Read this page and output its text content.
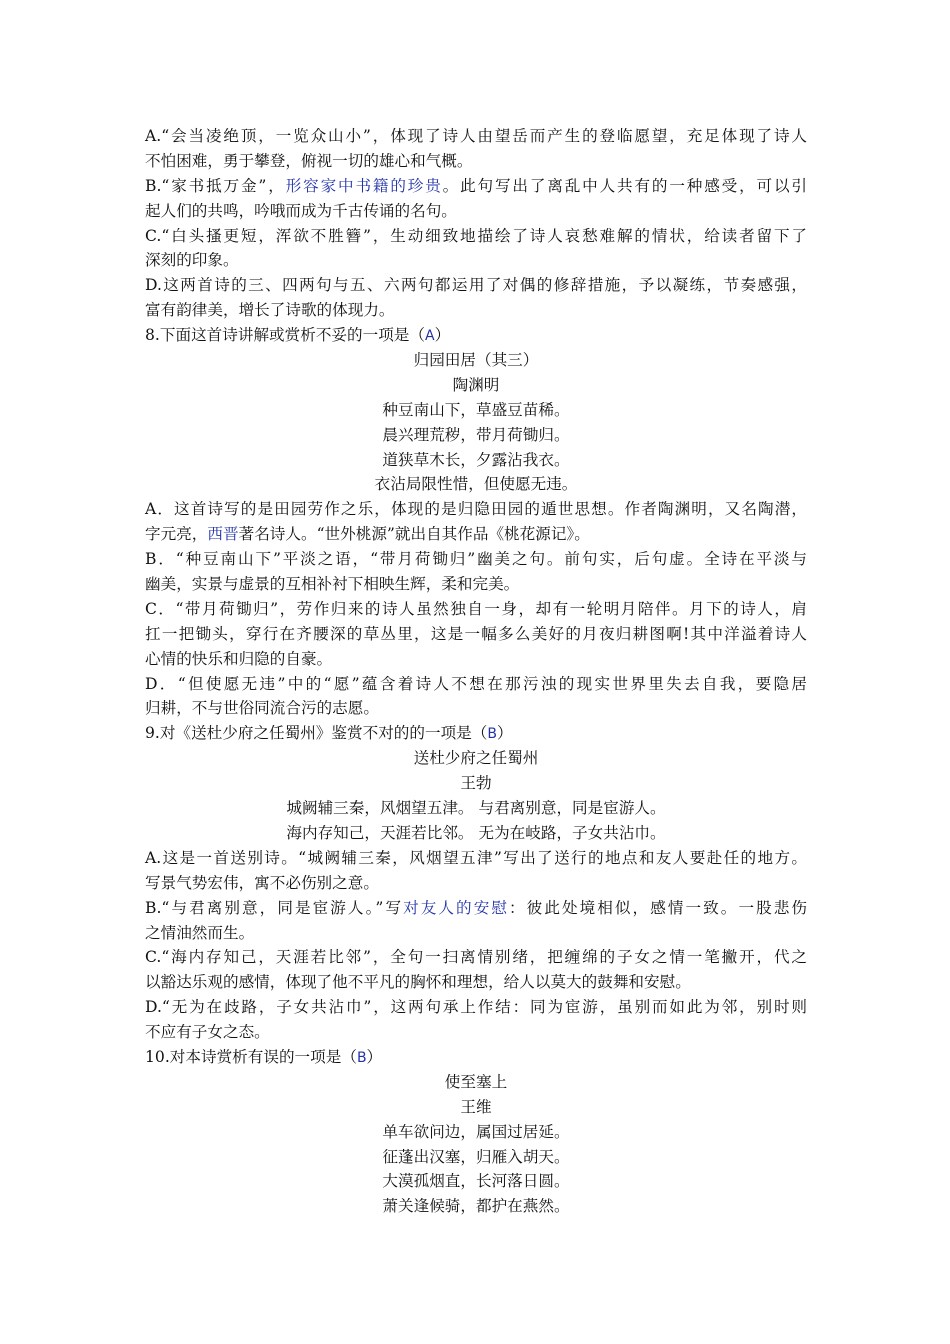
A.“会当凌绝顶，一览众山小”，体现了诗人由望岳而产生的登临愿望，充足体现了诗人
不怕困难，勇于攀登，俯视一切的雄心和气概。
B.“家书抵万金”，形容家中书籍的珍贵。此句写出了离乱中人共有的一种感受，可以引
起人们的共鸣，吟哦而成为千古传诵的名句。
C.“白头搔更短，浑欲不胜簪”，生动细致地描绘了诗人哀愁难解的情状，给读者留下了
深刻的印象。
D.这两首诗的三、四两句与五、六两句都运用了对偶的修辞措施，予以凝练，节奏感强，
富有韵律美，增长了诗歌的体现力。
8.下面这首诗讲解或赏析不妥的一项是（A）
归园田居（其三）
陶渊明
种豆南山下，草盛豆苗稀。
晨兴理荒秽，带月荷锄归。
道狭草木长，夕露沾我衣。
衣沾局限性惜，但使愿无违。
A．这首诗写的是田园劳作之乐，体现的是归隐田园的遁世思想。作者陶渊明，又名陶潜，
字元亮，西晋著名诗人。“世外桃源”就出自其作品《桃花源记》。
B．“种豆南山下”平淡之语，“带月荷锄归”幽美之句。前句实，后句虚。全诗在平淡与
幽美，实景与虚景的互相补衬下相映生辉，柔和完美。
C．“带月荷锄归”，劳作归来的诗人虽然独自一身，却有一轮明月陪伴。月下的诗人，肩
扛一把锄头，穿行在齐腰深的草丛里，这是一幅多么美好的月夜归耕图啊!其中洋溢着诗人
心情的快乐和归隐的自豪。
D．“但使愿无违”中的“愿”蕴含着诗人不想在那污浊的现实世界里失去自我，要隐居
归耕，不与世俗同流合污的志愿。
9.对《送杜少府之任蜀州》鉴赏不对的的一项是（B）
送杜少府之任蜀州
王勃
城阙辅三秦，风烟望五津。 与君离别意，同是宦游人。
海内存知己，天涯若比邻。 无为在岐路，子女共沾巾。
A.这是一首送别诗。“城阙辅三秦，风烟望五津”写出了送行的地点和友人要赴任的地方。
写景气势宏伟，寓不必伤别之意。
B.“与君离别意，同是宦游人。”写对友人的安慰：彼此处境相似，感情一致。一股悲伤
之情油然而生。
C.“海内存知己，天涯若比邻”，全句一扫离情别绪，把缠绵的子女之情一笔撇开，代之
以豁达乐观的感情，体现了他不平凡的胸怀和理想，给人以莫大的鼓舞和安慰。
D.“无为在歧路，子女共沾巾”，这两句承上作结：同为宦游，虽别而如此为邻，别时则
不应有子女之态。
10.对本诗赏析有误的一项是（B）
使至塞上
王维
单车欲问边，属国过居延。
征蓬出汉塞，归雁入胡天。
大漠孤烟直，长河落日圆。
萧关逢候骑，都护在燕然。
